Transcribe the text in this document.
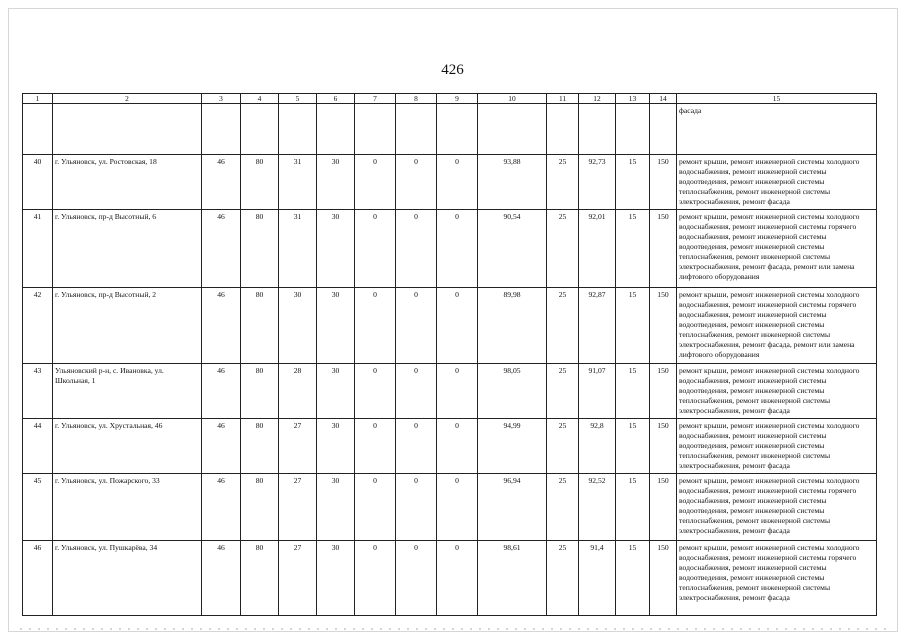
426
1	2	3	4	5	6	7	8	9	10	11	12	13	14	15
														фасада
40	г. Ульяновск, ул. Ростовская, 18	46	80	31	30	0	0	0	93,88	25	92,73	15	150	ремонт крыши, ремонт инженерной системы холодного водоснабжения, ремонт инженерной системы водоотведения, ремонт инженерной системы теплоснабжения, ремонт инженерной системы электроснабжения, ремонт фасада
41	г. Ульяновск, пр-д Высотный, 6	46	80	31	30	0	0	0	90,54	25	92,01	15	150	ремонт крыши, ремонт инженерной системы холодного водоснабжения, ремонт инженерной системы горячего водоснабжения, ремонт инженерной системы водоотведения, ремонт инженерной системы теплоснабжения, ремонт инженерной системы электроснабжения, ремонт фасада, ремонт или замена лифтового оборудования
42	г. Ульяновск, пр-д Высотный, 2	46	80	30	30	0	0	0	89,98	25	92,87	15	150	ремонт крыши, ремонт инженерной системы холодного водоснабжения, ремонт инженерной системы горячего водоснабжения, ремонт инженерной системы водоотведения, ремонт инженерной системы теплоснабжения, ремонт инженерной системы электроснабжения, ремонт фасада, ремонт или замена лифтового оборудования
43	Ульяновский р-н, с. Ивановка, ул. Школьная, 1	46	80	28	30	0	0	0	98,05	25	91,07	15	150	ремонт крыши, ремонт инженерной системы холодного водоснабжения, ремонт инженерной системы водоотведения, ремонт инженерной системы теплоснабжения, ремонт инженерной системы электроснабжения, ремонт фасада
44	г. Ульяновск, ул. Хрустальная, 46	46	80	27	30	0	0	0	94,99	25	92,8	15	150	ремонт крыши, ремонт инженерной системы холодного водоснабжения, ремонт инженерной системы водоотведения, ремонт инженерной системы теплоснабжения, ремонт инженерной системы электроснабжения, ремонт фасада
45	г. Ульяновск, ул. Пожарского, 33	46	80	27	30	0	0	0	96,94	25	92,52	15	150	ремонт крыши, ремонт инженерной системы холодного водоснабжения, ремонт инженерной системы горячего водоснабжения, ремонт инженерной системы водоотведения, ремонт инженерной системы теплоснабжения, ремонт инженерной системы электроснабжения, ремонт фасада
46	г. Ульяновск, ул. Пушкарёва, 34	46	80	27	30	0	0	0	98,61	25	91,4	15	150	ремонт крыши, ремонт инженерной системы холодного водоснабжения, ремонт инженерной системы горячего водоснабжения, ремонт инженерной системы водоотведения, ремонт инженерной системы теплоснабжения, ремонт инженерной системы электроснабжения, ремонт фасада
